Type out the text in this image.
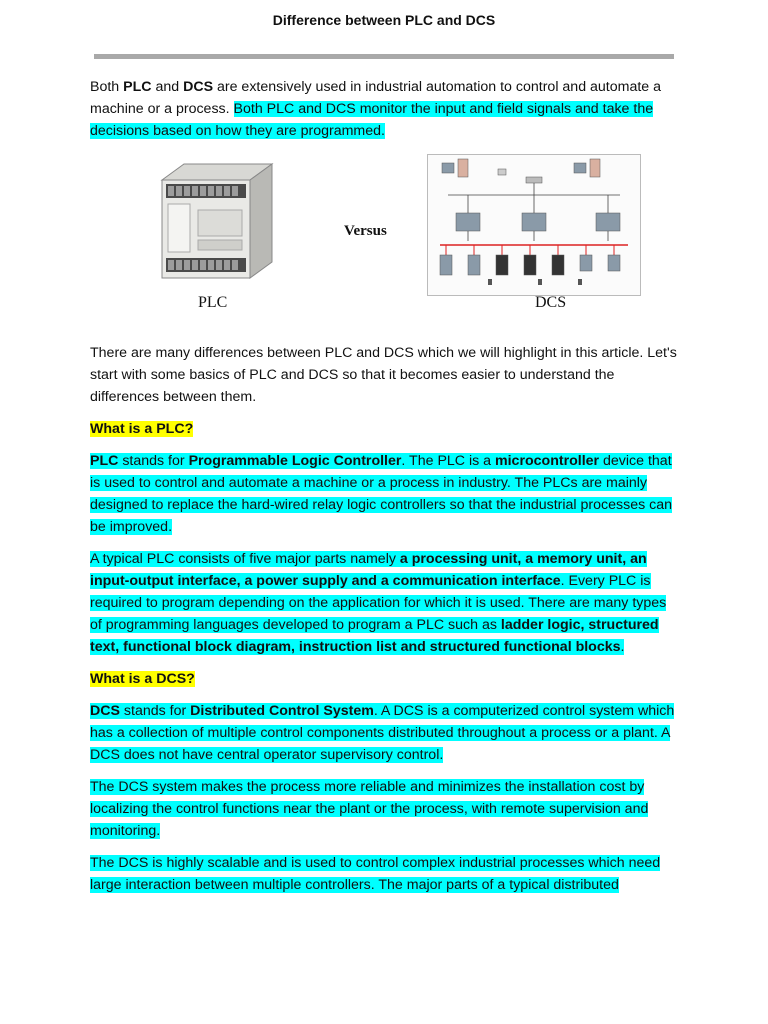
Difference between PLC and DCS

Both PLC and DCS are extensively used in industrial automation to control and automate a machine or a process. Both PLC and DCS monitor the input and field signals and take the decisions based on how they are programmed.

Versus
PLC	DCS

There are many differences between PLC and DCS which we will highlight in this article. Let's start with some basics of PLC and DCS so that it becomes easier to understand the differences between them.

What is a PLC?

PLC stands for Programmable Logic Controller. The PLC is a microcontroller device that is used to control and automate a machine or a process in industry. The PLCs are mainly designed to replace the hard-wired relay logic controllers so that the industrial processes can be improved.

A typical PLC consists of five major parts namely a processing unit, a memory unit, an input-output interface, a power supply and a communication interface. Every PLC is required to program depending on the application for which it is used. There are many types of programming languages developed to program a PLC such as ladder logic, structured text, functional block diagram, instruction list and structured functional blocks.

What is a DCS?

DCS stands for Distributed Control System. A DCS is a computerized control system which has a collection of multiple control components distributed throughout a process or a plant. A DCS does not have central operator supervisory control.

The DCS system makes the process more reliable and minimizes the installation cost by localizing the control functions near the plant or the process, with remote supervision and monitoring.

The DCS is highly scalable and is used to control complex industrial processes which need large interaction between multiple controllers. The major parts of a typical distributed
